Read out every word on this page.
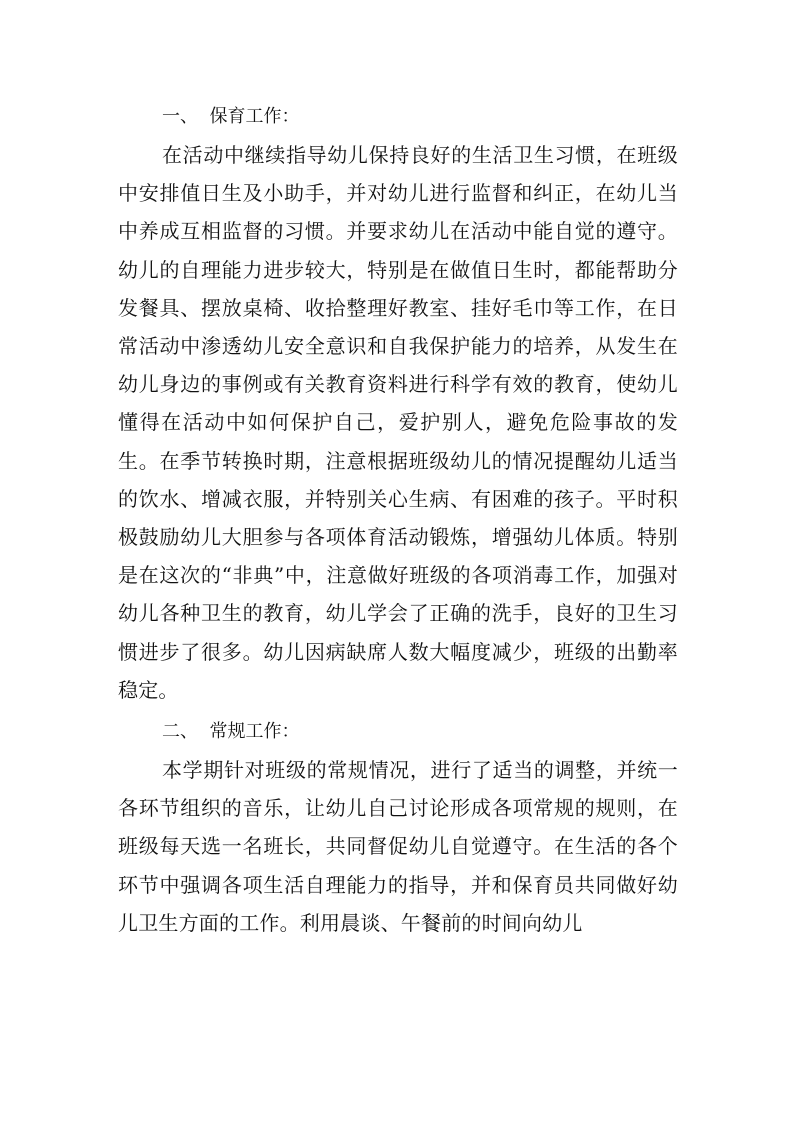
一、  保育工作：

在活动中继续指导幼儿保持良好的生活卫生习惯，在班级中安排值日生及小助手，并对幼儿进行监督和纠正，在幼儿当中养成互相监督的习惯。并要求幼儿在活动中能自觉的遵守。幼儿的自理能力进步较大，特别是在做值日生时，都能帮助分发餐具、摆放桌椅、收拾整理好教室、挂好毛巾等工作，在日常活动中渗透幼儿安全意识和自我保护能力的培养，从发生在幼儿身边的事例或有关教育资料进行科学有效的教育，使幼儿懂得在活动中如何保护自己，爱护别人，避免危险事故的发生。在季节转换时期，注意根据班级幼儿的情况提醒幼儿适当的饮水、增减衣服，并特别关心生病、有困难的孩子。平时积极鼓励幼儿大胆参与各项体育活动锻炼，增强幼儿体质。特别是在这次的“非典”中，注意做好班级的各项消毒工作，加强对幼儿各种卫生的教育，幼儿学会了正确的洗手，良好的卫生习惯进步了很多。幼儿因病缺席人数大幅度减少，班级的出勤率稳定。

二、  常规工作：

本学期针对班级的常规情况，进行了适当的调整，并统一各环节组织的音乐，让幼儿自己讨论形成各项常规的规则，在班级每天选一名班长，共同督促幼儿自觉遵守。在生活的各个环节中强调各项生活自理能力的指导，并和保育员共同做好幼儿卫生方面的工作。利用晨谈、午餐前的时间向幼儿
